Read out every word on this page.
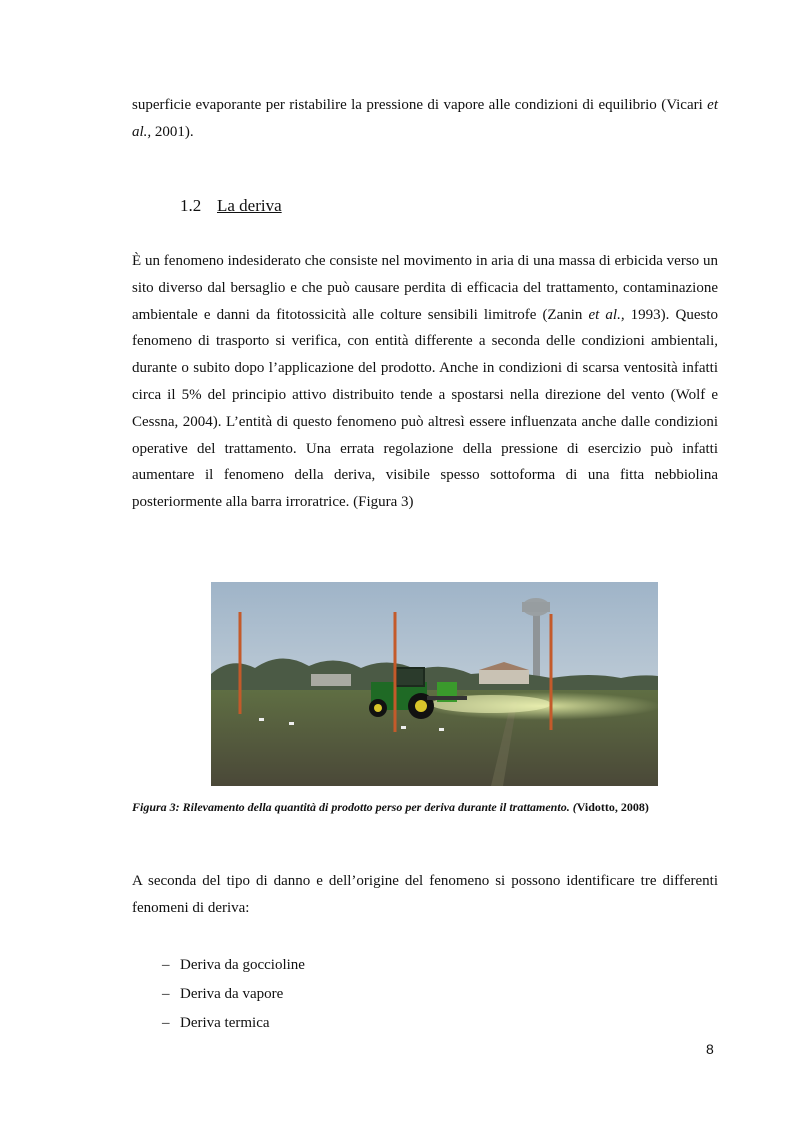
superficie evaporante per ristabilire la pressione di vapore alle condizioni di equilibrio (Vicari et al., 2001).
1.2 La deriva
È un fenomeno indesiderato che consiste nel movimento in aria di una massa di erbicida verso un sito diverso dal bersaglio e che può causare perdita di efficacia del trattamento, contaminazione ambientale e danni da fitotossicità alle colture sensibili limitrofe (Zanin et al., 1993). Questo fenomeno di trasporto si verifica, con entità differente a seconda delle condizioni ambientali, durante o subito dopo l’applicazione del prodotto. Anche in condizioni di scarsa ventosità infatti circa il 5% del principio attivo distribuito tende a spostarsi nella direzione del vento (Wolf e Cessna, 2004). L’entità di questo fenomeno può altresì essere influenzata anche dalle condizioni operative del trattamento. Una errata regolazione della pressione di esercizio può infatti aumentare il fenomeno della deriva, visibile spesso sottoforma di una fitta nebbiolina posteriormente alla barra irroratrice. (Figura 3)
Figura 3: Rilevamento della quantità di prodotto perso per deriva durante il trattamento. (Vidotto, 2008)
A seconda del tipo di danno e dell’origine del fenomeno si possono identificare tre differenti fenomeni di deriva:
– Deriva da goccioline
– Deriva da vapore
– Deriva termica
8
